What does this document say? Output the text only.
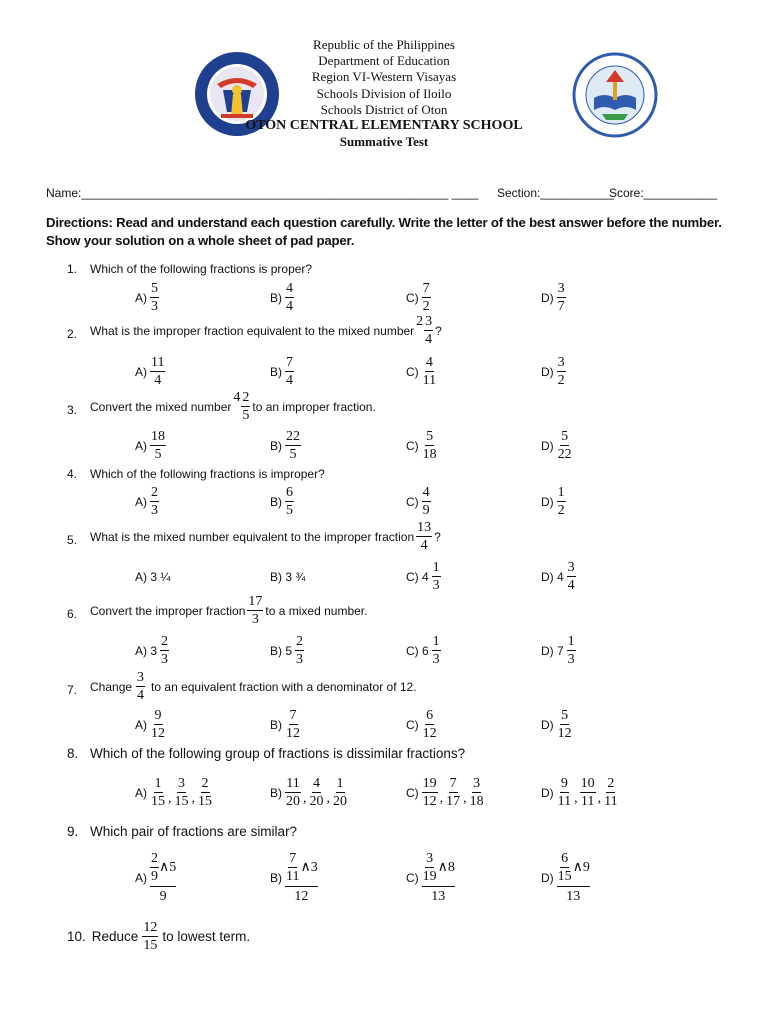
Republic of the Philippines
Department of Education
Region VI-Western Visayas
Schools Division of Iloilo
Schools District of Oton
OTON CENTRAL ELEMENTARY SCHOOL
Summative Test
Name:_______________________________________________________ ____ Section:___________
Score:___________
Directions: Read and understand each question carefully. Write the letter of the best answer before the number. Show your solution on a whole sheet of pad paper.
1. Which of the following fractions is proper?
$A) \frac{5}{3}$	$B) \frac{4}{4}$	$C) \frac{7}{2}$	$D) \frac{3}{7}$
2. What is the improper fraction equivalent to the mixed number
$2 \frac{3}{4}$ ?
$A) \frac{11}{4}$	$B) \frac{7}{4}$	$C) \frac{4}{11}$	$D) \frac{3}{2}$
3. Convert the mixed number
$4 \frac{2}{5}$ to an improper fraction.
$A) \frac{18}{5}$	$B) \frac{22}{5}$	$C) \frac{5}{18}$	$D) \frac{5}{22}$
4. Which of the following fractions is improper?
$A) \frac{2}{3}$	$B) \frac{6}{5}$	$C) \frac{4}{9}$	$D) \frac{1}{2}$
5. What is the mixed number equivalent to the improper fraction $\frac{13}{4}$ ?
A) 3 ¼	B) 3 ¾	C) $4 \frac{1}{3}$	D) $4 \frac{3}{4}$
6. Convert the improper fraction $\frac{17}{3}$ to a mixed number.
A) $3 \frac{2}{3}$	B) $5 \frac{2}{3}$	C) $6 \frac{1}{3}$	D) $7 \frac{1}{3}$
7. Change $\frac{3}{4}$ to an equivalent fraction with a denominator of 12.
$A) \frac{9}{12}$	$B) \frac{7}{12}$	$C) \frac{6}{12}$	$D) \frac{5}{12}$
8. Which of the following group of fractions is dissimilar fractions?
$A) \frac{1}{15}$ , $\frac{3}{15}$ , $\frac{2}{15}$	$B) \frac{11}{20}$ , $\frac{4}{20}$ , $\frac{1}{20}$	$C) \frac{19}{12}$ , $\frac{7}{17}$ , $\frac{3}{18}$	$D) \frac{9}{11}$ , $\frac{10}{11}$ , $\frac{2}{11}$
9. Which pair of fractions are similar?
$A) \frac{2}{9}$ ∧ 5
9
$B) \frac{7}{11}$ ∧ 3
12
$C) \frac{3}{19}$ ∧ 8
13
$D) \frac{6}{15}$ ∧ 9
13
10. Reduce $\frac{12}{15}$ to lowest term.
